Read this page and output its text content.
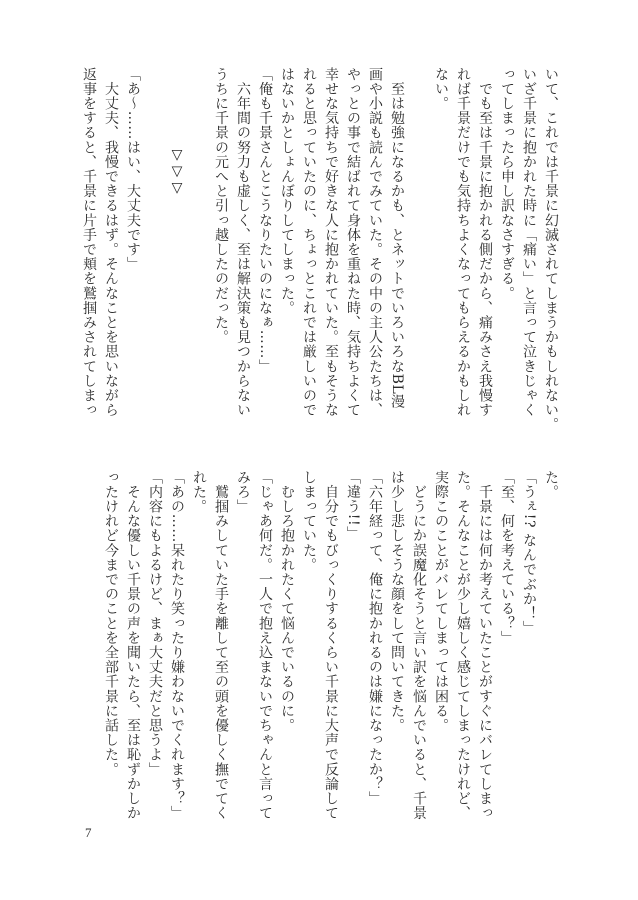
いて、これでは千景に幻滅されてしまうかもしれない。
いざ千景に抱かれた時に「痛い」と言って泣きじゃく
ってしまったら申し訳なさすぎる。
　でも至は千景に抱かれる側だから、痛みさえ我慢す
れば千景だけでも気持ちよくなってもらえるかもしれ
ない。

　至は勉強になるかも、とネットでいろいろなBL漫
画や小説も読んでみていた。その中の主人公たちは、
やっとの事で結ばれて身体を重ねた時、気持ちよくて
幸せな気持ちで好きな人に抱かれていた。至もそうな
れると思っていたのに、ちょっとこれでは厳しいので
はないかとしょんぼりしてしまった。
「俺も千景さんとこうなりたいのになぁ……」
　六年間の努力も虚しく、至は解決策も見つからない
うちに千景の元へと引っ越したのだった。

▽▽▽

「あ〜……はい、大丈夫です」
　大丈夫、我慢できるはず。そんなことを思いながら
返事をすると、千景に片手で頬を鷲掴みされてしまっ
た。
「うぇ!? なんでぶか！」
「至、何を考えている？」
　千景には何か考えていたことがすぐにバレてしまっ
た。そんなことが少し嬉しく感じてしまったけれど、
実際このことがバレてしまっては困る。
　どうにか誤魔化そうと言い訳を悩んでいると、千景
は少し悲しそうな顔をして問いてきた。
「六年経って、俺に抱かれるのは嫌になったか？」
「違う!!」
　自分でもびっくりするくらい千景に大声で反論して
しまっていた。
　むしろ抱かれたくて悩んでいるのに。
「じゃあ何だ。一人で抱え込まないでちゃんと言って
みろ」
　鷲掴みしていた手を離して至の頭を優しく撫でてく
れた。
「あの……呆れたり笑ったり嫌わないでくれます？」
「内容にもよるけど、まぁ大丈夫だと思うよ」
　そんな優しい千景の声を聞いたら、至は恥ずかしか
ったけれど今までのことを全部千景に話した。
7
